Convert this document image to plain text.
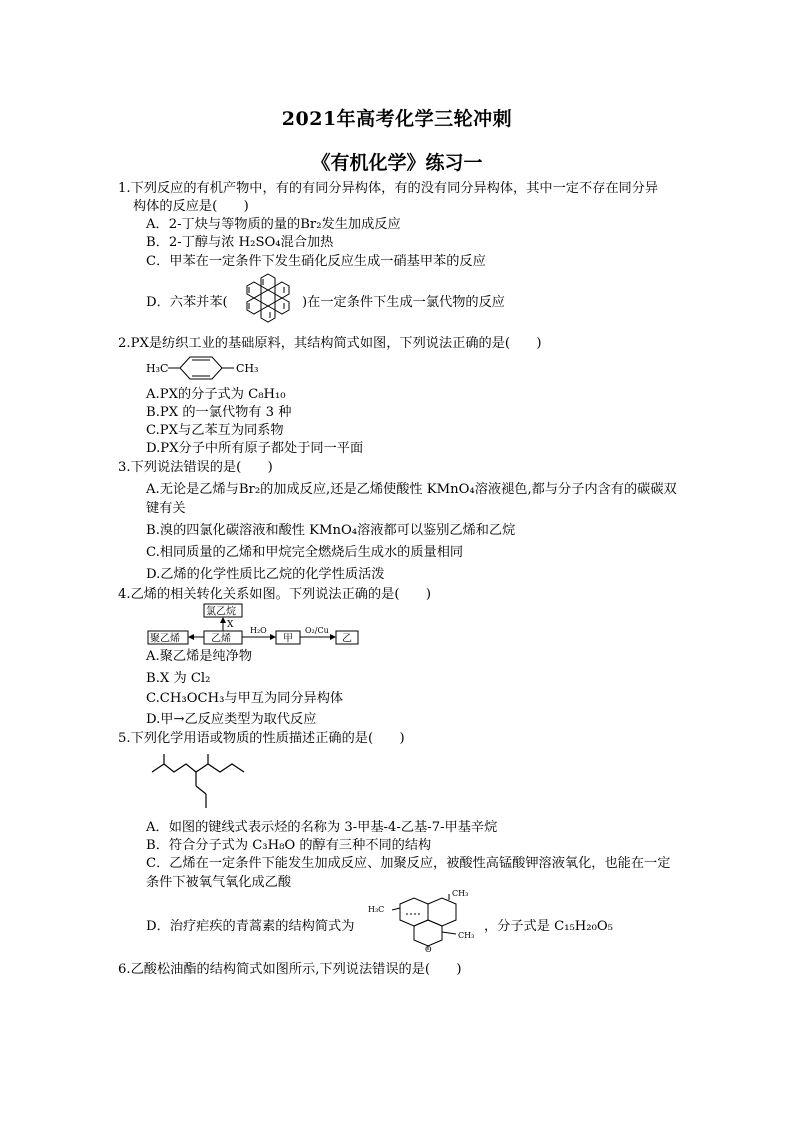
2021年高考化学三轮冲刺
《有机化学》练习一
1.下列反应的有机产物中，有的有同分异构体，有的没有同分异构体，其中一定不存在同分异
构体的反应是(　　)
A．2-丁炔与等物质的量的Br₂发生加成反应
B．2-丁醇与浓 H₂SO₄混合加热
C．甲苯在一定条件下发生硝化反应生成一硝基甲苯的反应
D．六苯并苯(	)在一定条件下生成一氯代物的反应
2.PX是纺织工业的基础原料，其结构简式如图，下列说法正确的是(　　)
H₃C	CH₃
A.PX的分子式为 C₈H₁₀
B.PX 的一氯代物有 3 种
C.PX与乙苯互为同系物
D.PX分子中所有原子都处于同一平面
3.下列说法错误的是(　　)
A.无论是乙烯与Br₂的加成反应,还是乙烯使酸性 KMnO₄溶液褪色,都与分子内含有的碳碳双
键有关
B.溴的四氯化碳溶液和酸性 KMnO₄溶液都可以鉴别乙烯和乙烷
C.相同质量的乙烯和甲烷完全燃烧后生成水的质量相同
D.乙烯的化学性质比乙烷的化学性质活泼
4.乙烯的相关转化关系如图。下列说法正确的是(　　)
氯乙烷
X
聚乙烯	乙烯
H₂O
甲
O₂/Cu
乙
A.聚乙烯是纯净物
B.X 为 Cl₂
C.CH₃OCH₃与甲互为同分异构体
D.甲→乙反应类型为取代反应
5.下列化学用语或物质的性质描述正确的是(　　)
A．如图的键线式表示烃的名称为 3-甲基-4-乙基-7-甲基辛烷
B．符合分子式为 C₃H₈O 的醇有三种不同的结构
C．乙烯在一定条件下能发生加成反应、加聚反应，被酸性高锰酸钾溶液氧化，也能在一定
条件下被氧气氧化成乙酸
D．治疗疟疾的青蒿素的结构简式为
H₃C
CH₃
CH₃
O
，分子式是 C₁₅H₂₀O₅
6.乙酸松油酯的结构简式如图所示,下列说法错误的是(　　)
